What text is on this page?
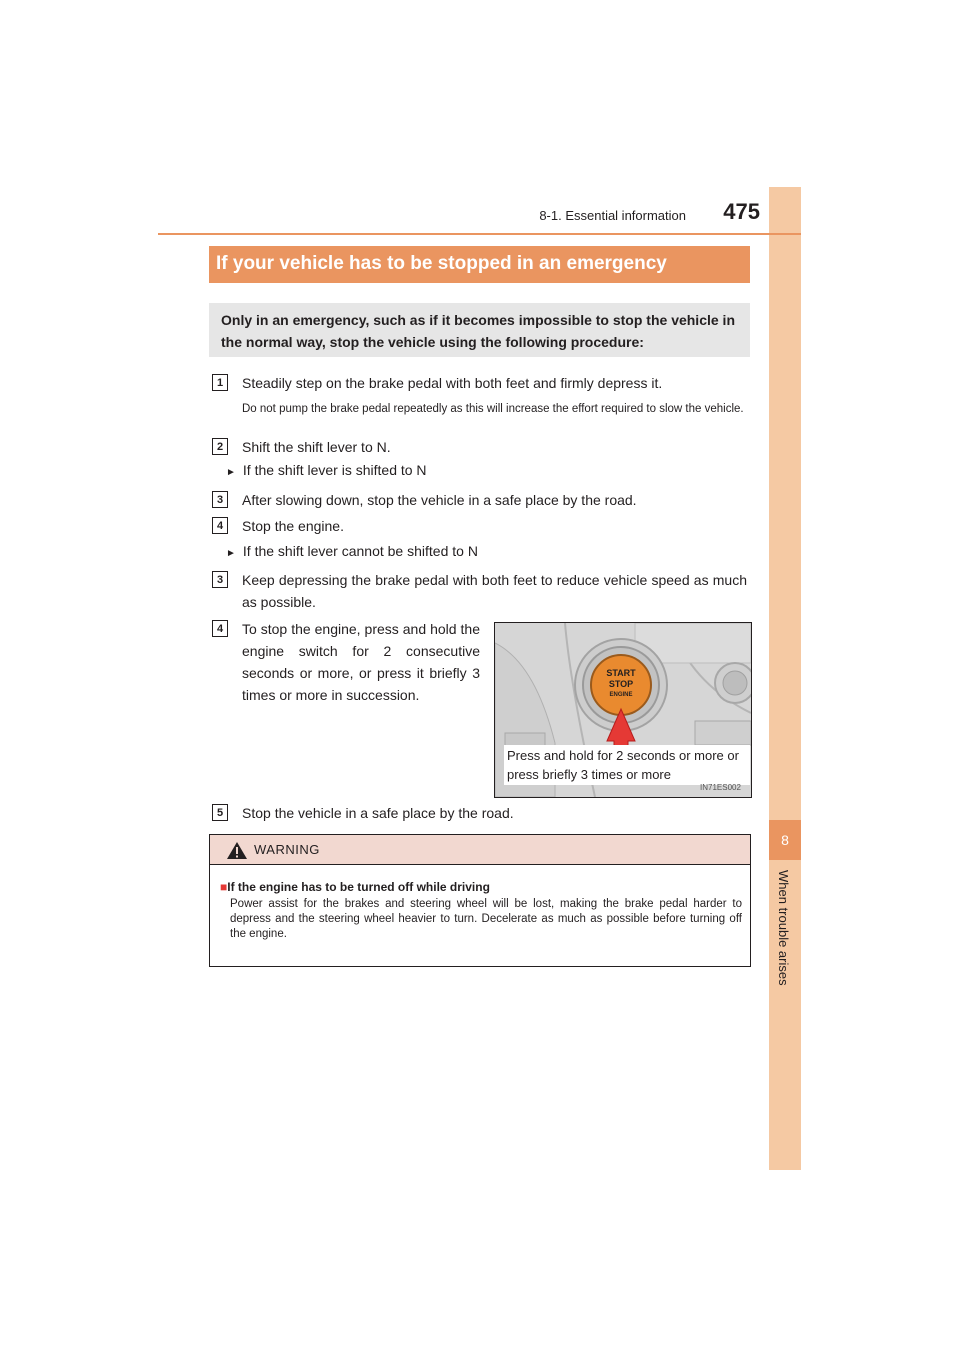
8
When trouble arises
8-1. Essential information	475
If your vehicle has to be stopped in an emergency

Only in an emergency, such as if it becomes impossible to stop the vehicle in the normal way, stop the vehicle using the following procedure:

1	Steadily step on the brake pedal with both feet and firmly depress it.
Do not pump the brake pedal repeatedly as this will increase the effort required to slow the vehicle.
2	Shift the shift lever to N.
► If the shift lever is shifted to N
3	After slowing down, stop the vehicle in a safe place by the road.
4	Stop the engine.
► If the shift lever cannot be shifted to N
3	Keep depressing the brake pedal with both feet to reduce vehicle speed as much as possible.
4	To stop the engine, press and hold the engine switch for 2 consecutive seconds or more, or press it briefly 3 times or more in succession.
START
STOP
ENGINE
Press and hold for 2 seconds or more or press briefly 3 times or more
IN71ES002
5	Stop the vehicle in a safe place by the road.
WARNING
■If the engine has to be turned off while driving
Power assist for the brakes and steering wheel will be lost, making the brake pedal harder to depress and the steering wheel heavier to turn. Decelerate as much as possible before turning off the engine.
